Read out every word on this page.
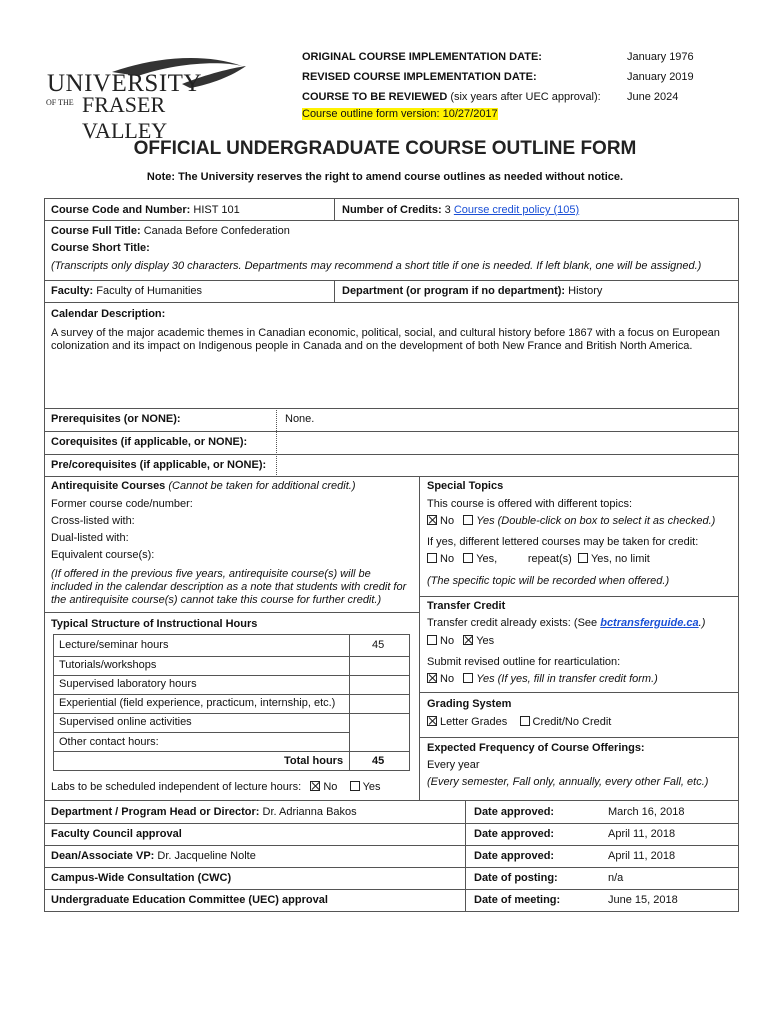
UNIVERSITY
OF THE FRASER VALLEY
ORIGINAL COURSE IMPLEMENTATION DATE:	January 1976
REVISED COURSE IMPLEMENTATION DATE:	January 2019
COURSE TO BE REVIEWED (six years after UEC approval): June 2024
Course outline form version: 10/27/2017
OFFICIAL UNDERGRADUATE COURSE OUTLINE FORM
Note: The University reserves the right to amend course outlines as needed without notice.
Course Code and Number: HIST 101	Number of Credits: 3 Course credit policy (105)
Course Full Title: Canada Before Confederation
Course Short Title:
(Transcripts only display 30 characters. Departments may recommend a short title if one is needed. If left blank, one will be assigned.)
Faculty: Faculty of Humanities	Department (or program if no department): History
Calendar Description:
A survey of the major academic themes in Canadian economic, political, social, and cultural history before 1867 with a focus on European colonization and its impact on Indigenous people in Canada and on the development of both New France and British North America.
Prerequisites (or NONE):	None.
Corequisites (if applicable, or NONE):
Pre/corequisites (if applicable, or NONE):
Antirequisite Courses (Cannot be taken for additional credit.)
Former course code/number:
Cross-listed with:
Dual-listed with:
Equivalent course(s):
(If offered in the previous five years, antirequisite course(s) will be included in the calendar description as a note that students with credit for the antirequisite course(s) cannot take this course for further credit.)
Typical Structure of Instructional Hours
Lecture/seminar hours	45
Tutorials/workshops
Supervised laboratory hours
Experiential (field experience, practicum, internship, etc.)
Supervised online activities
Other contact hours:
Total hours	45
Labs to be scheduled independent of lecture hours: No Yes
Special Topics
This course is offered with different topics:
No Yes (Double-click on box to select it as checked.)
If yes, different lettered courses may be taken for credit:
No Yes,	repeat(s) Yes, no limit
(The specific topic will be recorded when offered.)
Transfer Credit
Transfer credit already exists: (See bctransferguide.ca.)
No Yes
Submit revised outline for rearticulation:
No Yes (If yes, fill in transfer credit form.)
Grading System
Letter Grades Credit/No Credit
Expected Frequency of Course Offerings:
Every year
(Every semester, Fall only, annually, every other Fall, etc.)
Department / Program Head or Director: Dr. Adrianna Bakos	Date approved:	March 16, 2018
Faculty Council approval	Date approved:	April 11, 2018
Dean/Associate VP: Dr. Jacqueline Nolte	Date approved:	April 11, 2018
Campus-Wide Consultation (CWC)	Date of posting:	n/a
Undergraduate Education Committee (UEC) approval	Date of meeting:	June 15, 2018
